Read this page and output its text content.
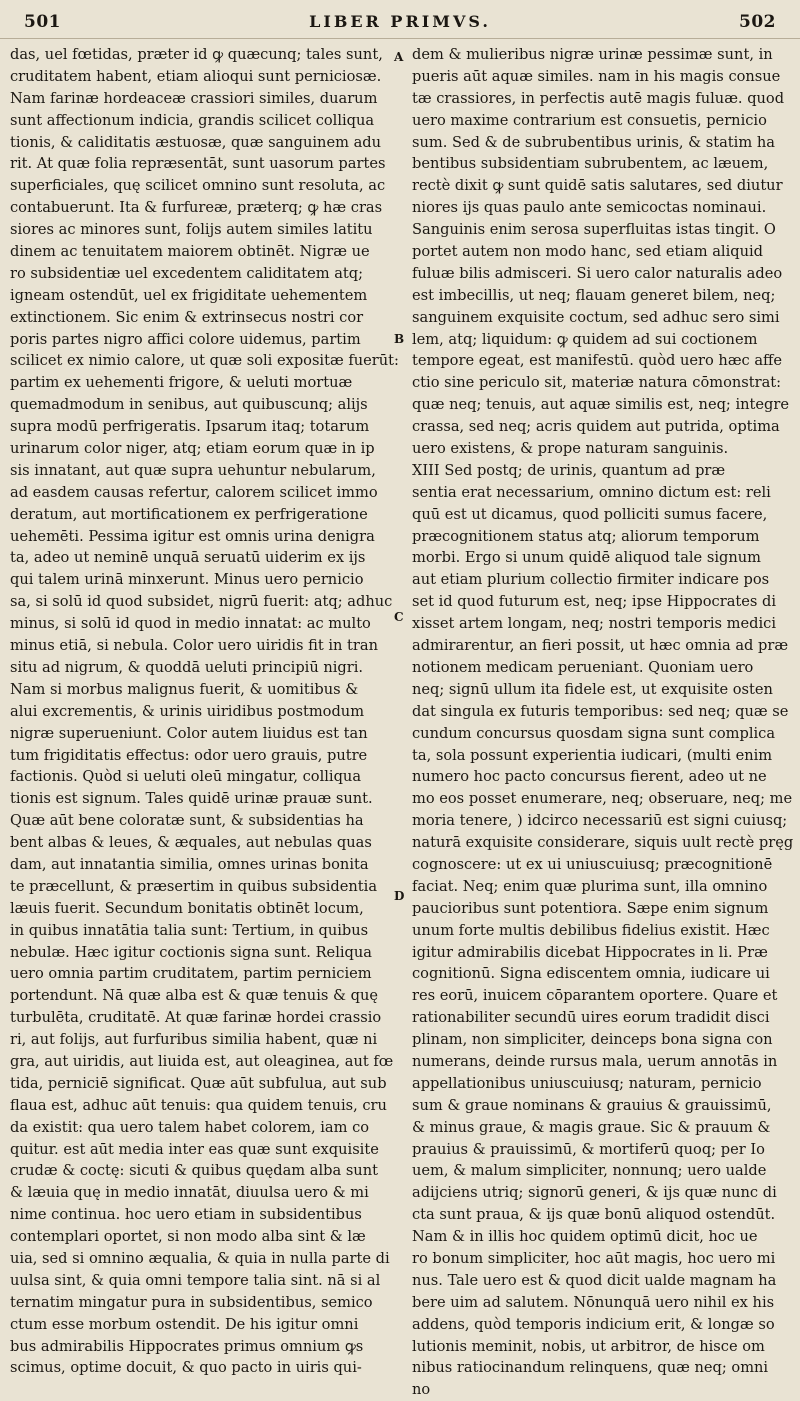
501	LIBER PRIMVS.	502
das, uel fœtidas, præter id ꝙ quæcunq; tales sunt,
cruditatem habent, etiam alioqui sunt perniciosæ.
Nam farinæ hordeaceæ crassiori similes, duarum
sunt affectionum indicia, grandis scilicet colliqua
tionis, & caliditatis æstuosæ, quæ sanguinem adu
rit. At quæ folia repræsentāt, sunt uasorum partes
superficiales, quę scilicet omnino sunt resoluta, ac
contabuerunt. Ita & furfureæ, præterq; ꝙ hæ cras
siores ac minores sunt, folijs autem similes latitu
dinem ac tenuitatem maiorem obtinēt. Nigræ ue
ro subsidentiæ uel excedentem caliditatem atq;
igneam ostendūt, uel ex frigiditate uehementem
extinctionem. Sic enim & extrinsecus nostri cor
poris partes nigro affici colore uidemus, partim
scilicet ex nimio calore, ut quæ soli expositæ fuerūt:
partim ex uehementi frigore, & ueluti mortuæ
quemadmodum in senibus, aut quibuscunq; alijs
supra modū perfrigeratis. Ipsarum itaq; totarum
urinarum color niger, atq; etiam eorum quæ in ip
sis innatant, aut quæ supra uehuntur nebularum,
ad easdem causas refertur, calorem scilicet immo
deratum, aut mortificationem ex perfrigeratione
uehemēti. Pessima igitur est omnis urina denigra
ta, adeo ut neminē unquā seruatū uiderim ex ijs
qui talem urinā minxerunt. Minus uero pernicio
sa, si solū id quod subsidet, nigrū fuerit: atq; adhuc
minus, si solū id quod in medio innatat: ac multo
minus etiā, si nebula. Color uero uiridis fit in tran
situ ad nigrum, & quoddā ueluti principiū nigri.
Nam si morbus malignus fuerit, & uomitibus &
alui excrementis, & urinis uiridibus postmodum
nigræ superueniunt. Color autem liuidus est tan
tum frigiditatis effectus: odor uero grauis, putre
factionis. Quòd si ueluti oleū mingatur, colliqua
tionis est signum. Tales quidē urinæ prauæ sunt.
Quæ aūt bene coloratæ sunt, & subsidentias ha
bent albas & leues, & æquales, aut nebulas quas
dam, aut innatantia similia, omnes urinas bonita
te præcellunt, & præsertim in quibus subsidentia
læuis fuerit. Secundum bonitatis obtinēt locum,
in quibus innatātia talia sunt: Tertium, in quibus
nebulæ. Hæc igitur coctionis signa sunt. Reliqua
uero omnia partim cruditatem, partim perniciem
portendunt. Nā quæ alba est & quæ tenuis & quę
turbulēta, cruditatē. At quæ farinæ hordei crassio
ri, aut folijs, aut furfuribus similia habent, quæ ni
gra, aut uiridis, aut liuida est, aut oleaginea, aut fœ
tida, perniciē significat. Quæ aūt subfulua, aut sub
flaua est, adhuc aūt tenuis: qua quidem tenuis, cru
da existit: qua uero talem habet colorem, iam co
quitur. est aūt media inter eas quæ sunt exquisite
crudæ & coctę: sicuti & quibus quędam alba sunt
& læuia quę in medio innatāt, diuulsa uero & mi
nime continua. hoc uero etiam in subsidentibus
contemplari oportet, si non modo alba sint & læ
uia, sed si omnino æqualia, & quia in nulla parte di
uulsa sint, & quia omni tempore talia sint. nā si al
ternatim mingatur pura in subsidentibus, semico
ctum esse morbum ostendit. De his igitur omni
bus admirabilis Hippocrates primus omnium ꝙs
scimus, optime docuit, & quo pacto in uiris qui-
A
B
C
D
dem & mulieribus nigræ urinæ pessimæ sunt, in
pueris aūt aquæ similes. nam in his magis consue
tæ crassiores, in perfectis autē magis fuluæ. quod
uero maxime contrarium est consuetis, pernicio
sum. Sed & de subrubentibus urinis, & statim ha
bentibus subsidentiam subrubentem, ac læuem,
rectè dixit ꝙ sunt quidē satis salutares, sed diutur
niores ijs quas paulo ante semicoctas nominaui.
Sanguinis enim serosa superfluitas istas tingit. O
portet autem non modo hanc, sed etiam aliquid
fuluæ bilis admisceri. Si uero calor naturalis adeo
est imbecillis, ut neq; flauam generet bilem, neq;
sanguinem exquisite coctum, sed adhuc sero simi
lem, atq; liquidum: ꝙ quidem ad sui coctionem
tempore egeat, est manifestū. quòd uero hæc affe
ctio sine periculo sit, materiæ natura cōmonstrat:
quæ neq; tenuis, aut aquæ similis est, neq; integre
crassa, sed neq; acris quidem aut putrida, optima
uero existens, & prope naturam sanguinis.
XIII Sed postq; de urinis, quantum ad præ
sentia erat necessarium, omnino dictum est: reli
quū est ut dicamus, quod polliciti sumus facere,
præcognitionem status atq; aliorum temporum
morbi. Ergo si unum quidē aliquod tale signum
aut etiam plurium collectio firmiter indicare pos
set id quod futurum est, neq; ipse Hippocrates di
xisset artem longam, neq; nostri temporis medici
admirarentur, an fieri possit, ut hæc omnia ad præ
notionem medicam perueniant. Quoniam uero
neq; signū ullum ita fidele est, ut exquisite osten
dat singula ex futuris temporibus: sed neq; quæ se
cundum concursus quosdam signa sunt complica
ta, sola possunt experientia iudicari, (multi enim
numero hoc pacto concursus fierent, adeo ut ne
mo eos posset enumerare, neq; obseruare, neq; me
moria tenere, ) idcirco necessariū est signi cuiusq;
naturā exquisite considerare, siquis uult rectè pręg
cognoscere: ut ex ui uniuscuiusq; præcognitionē
faciat. Neq; enim quæ plurima sunt, illa omnino
paucioribus sunt potentiora. Sæpe enim signum
unum forte multis debilibus fidelius existit. Hæc
igitur admirabilis dicebat Hippocrates in li. Præ
cognitionū. Signa ediscentem omnia, iudicare ui
res eorū, inuicem cōparantem oportere. Quare et
rationabiliter secundū uires eorum tradidit disci
plinam, non simpliciter, deinceps bona signa con
numerans, deinde rursus mala, uerum annotās in
appellationibus uniuscuiusq; naturam, pernicio
sum & graue nominans & grauius & grauissimū,
& minus graue, & magis graue. Sic & prauum &
prauius & prauissimū, & mortiferū quoq; per Io
uem, & malum simpliciter, nonnunq; uero ualde
adijciens utriq; signorū generi, & ijs quæ nunc di
cta sunt praua, & ijs quæ bonū aliquod ostendūt.
Nam & in illis hoc quidem optimū dicit, hoc ue
ro bonum simpliciter, hoc aūt magis, hoc uero mi
nus. Tale uero est & quod dicit ualde magnam ha
bere uim ad salutem. Nōnunquā uero nihil ex his
addens, quòd temporis indicium erit, & longæ so
lutionis meminit, nobis, ut arbitror, de hisce om
nibus ratiocinandum relinquens, quæ neq; omni
no
